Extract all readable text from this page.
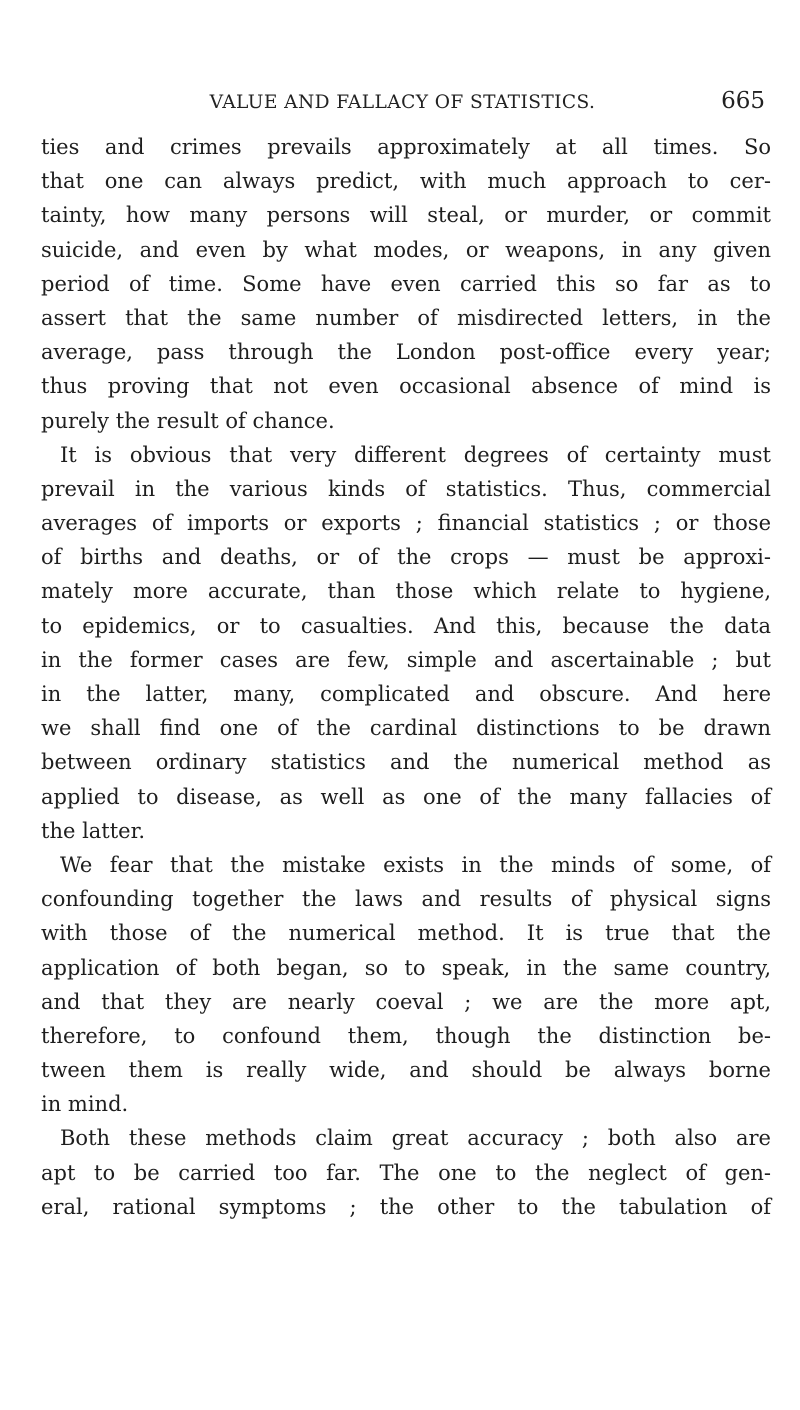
VALUE AND FALLACY OF STATISTICS.	665
ties and crimes prevails approximately at all times. So
that one can always predict, with much approach to cer-
tainty, how many persons will steal, or murder, or commit
suicide, and even by what modes, or weapons, in any given
period of time. Some have even carried this so far as to
assert that the same number of misdirected letters, in the
average, pass through the London post-office every year;
thus proving that not even occasional absence of mind is
purely the result of chance.
It is obvious that very different degrees of certainty must
prevail in the various kinds of statistics. Thus, commercial
averages of imports or exports ; financial statistics ; or those
of births and deaths, or of the crops — must be approxi-
mately more accurate, than those which relate to hygiene,
to epidemics, or to casualties. And this, because the data
in the former cases are few, simple and ascertainable ; but
in the latter, many, complicated and obscure. And here
we shall find one of the cardinal distinctions to be drawn
between ordinary statistics and the numerical method as
applied to disease, as well as one of the many fallacies of
the latter.
We fear that the mistake exists in the minds of some, of
confounding together the laws and results of physical signs
with those of the numerical method. It is true that the
application of both began, so to speak, in the same country,
and that they are nearly coeval ; we are the more apt,
therefore, to confound them, though the distinction be-
tween them is really wide, and should be always borne
in mind.
Both these methods claim great accuracy ; both also are
apt to be carried too far. The one to the neglect of gen-
eral, rational symptoms ; the other to the tabulation of
